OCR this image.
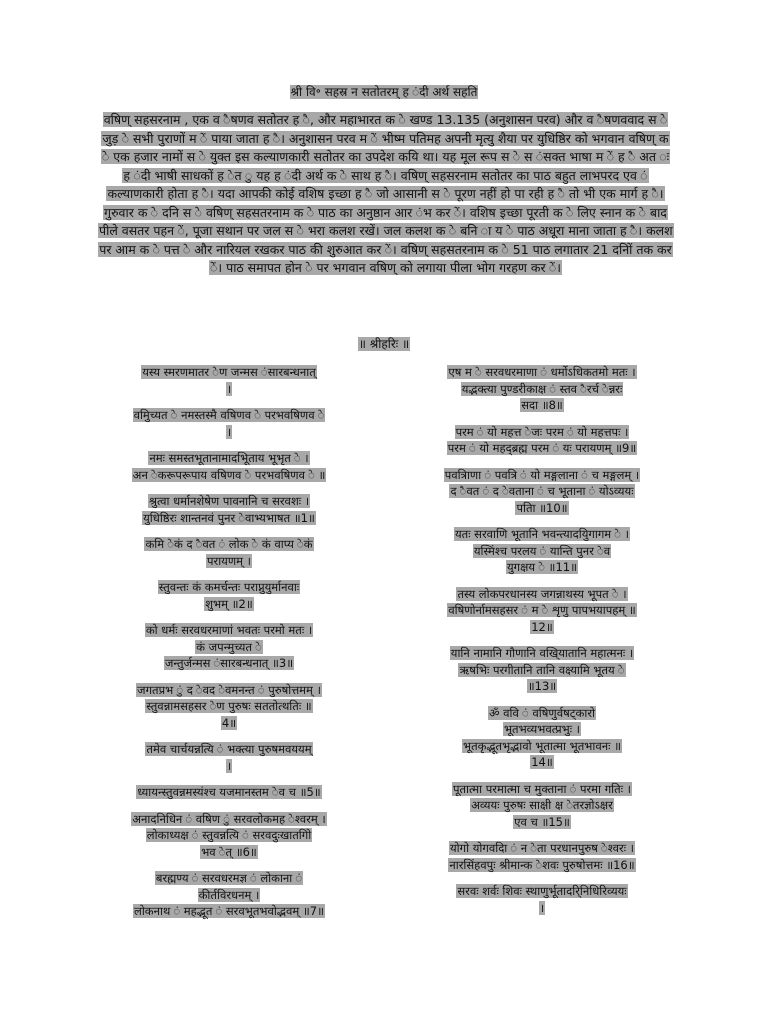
श्री वि॰ सहस्र न सतोतरम् ह ंदी अर्थ सहति
वषिण् सहसरनाम , एक व ैषणव सतोतर ह ै, और महाभारत क े खण्ड 13.135 (अनुशासन परव) और व ैषणववाद स े जुड़ े सभी पुराणों म ें पाया जाता ह ै। अनुशासन परव म ें भीष्म पतिमह अपनी मृत्यु शैया पर युधिष्ठिर को भगवान वषिण् क े एक हजार नामों स े युक्त इस कल्याणकारी सतोतर का उपदेश कयि था। यह मूल रूप स े स ंसक्त भाषा म ें ह ै अत ः ह ंदी भाषी साधकों ह ेत ु यह ह ंदी अर्थ क े साथ ह ै। वषिण् सहसरनाम सतोतर का पाठ बहुत लाभपरद एव ं कल्याणकारी होता ह ै। यदा आपकी कोई वशिष इच्छा ह ै जो आसानी स े पूरण नहीं हो पा रही ह ै तो भी एक मार्ग ह ै। गुरुवार क े दनि स े वषिण् सहसतरनाम क े पाठ का अनुष्ठान आर ंभ कर ें। वशिष इच्छा पूरती क े लिए स्नान क े बाद पीले वसतर पहन ें, पूजा सथान पर जल स े भरा कलश रखें। जल कलश क े बनि ा य े पाठ अधूरा माना जाता ह ै। कलश पर आम क े पत्त े और नारियल रखकर पाठ की शुरुआत कर ें। वषिण् सहसतरनाम क े 51 पाठ लगातार 21 दनिों तक कर ें। पाठ समापत होन े पर भगवान वषिण् को लगाया पीला भोग गरहण कर ें।
॥ श्रीहरिः ॥
यस्य स्मरणमातर ेण जन्मस ंसारबन्धनात्
।
वमिुच्यत े नमस्तस्मै वषिणव े परभवषिणव े
।
नमः समस्तभूतानामादभिूताय भूभृत े ।
अन ेकरूपरूपाय वषिणव े परभवषिणव े ॥
श्रुत्वा धर्मानशेषेण पावनानि च सरवशः ।
युधिष्ठिरः शान्तनवं पुनर ेवाभ्यभाषत ॥1॥
कमि ेकं द ैवत ं लोक े कं वाप्य ेकं
परायणम् ।
स्तुवन्तः कं कमर्चन्तः पराप्नुयुर्मानवाः
शुभम् ॥2॥
को धर्मः सरवधरमाणां भवतः परमो मतः ।
कं जपन्मुच्यत े
जन्तुर्जन्मस ंसारबन्धनात् ॥3॥
जगतप्रभ ुं द ेवद ेवमनन्त ं पुरुषोत्तमम् ।
स्तुवन्नामसहसर ेण पुरुषः सततोत्थतिः ॥
4॥
तमेव चार्चयन्नत्यि ं भक्त्या पुरुषमवययम्
।
ध्यायन्स्तुवन्नमस्यंश्च यजमानस्तम ेव च ॥5॥
अनादनिधिन ं वषिण ुं सरवलोकमह ेश्वरम् ।
लोकाध्यक्ष ं स्तुवन्नत्यि ं सरवदुःखातगिो
भव ेत् ॥6॥
बरह्मण्य ं सरवधरमज्ञ ं लोकाना ं
कीर्तविरधनम् ।
लोकनाथ ं महद्भूत ं सरवभूतभवोद्भवम् ॥7॥
एष म े सरवधरमाणा ं धर्मोऽधिकतमो मतः ।
यद्भक्त्या पुण्डरीकाक्ष ं स्तव ैरर्च ेन्नरः
सदा ॥8॥
परम ं यो महत्त ेजः परम ं यो महत्तपः ।
परम ं यो महद्ब्रह्म परम ं यः परायणम् ॥9॥
पवत्रािणा ं पवत्रि ं यो मङ्गलाना ं च मङ्गलम् ।
द ैवत ं द ेवताना ं च भूताना ं योऽव्ययः
पतिा ॥10॥
यतः सरवाणि भूतानि भवन्त्यादयिुगागम े ।
यस्मिंश्च परलय ं यान्ति पुनर ेव
युगक्षय े ॥11॥
तस्य लोकपरधानस्य जगन्नाथस्य भूपत े ।
वषिणोर्नामसहसर ं म े शृणु पापभयापहम् ॥
12॥
यानि नामानि गौणानि वखि्यातानि महात्मनः ।
ऋषभिः परगीतानि तानि वक्ष्यामि भूतय े
॥13॥
ॐ ववि ं वषिणुर्वषट्कारो
भूतभव्यभवत्प्रभुः ।
भूतकृद्भूतभृद्भावो भूतात्मा भूतभावनः ॥
14॥
पूतात्मा परमात्मा च मुक्ताना ं परमा गतिः ।
अव्ययः पुरुषः साक्षी क्ष ेतरज्ञोऽक्षर
एव च ॥15॥
योगो योगवदिा ं न ेता परधानपुरुष ेश्वरः ।
नारसिंहवपुः श्रीमान्क ेशवः पुरुषोत्तमः ॥16॥
सरवः शर्वः शिवः स्थाणुर्भूतादरि्निधिरिव्ययः
।
